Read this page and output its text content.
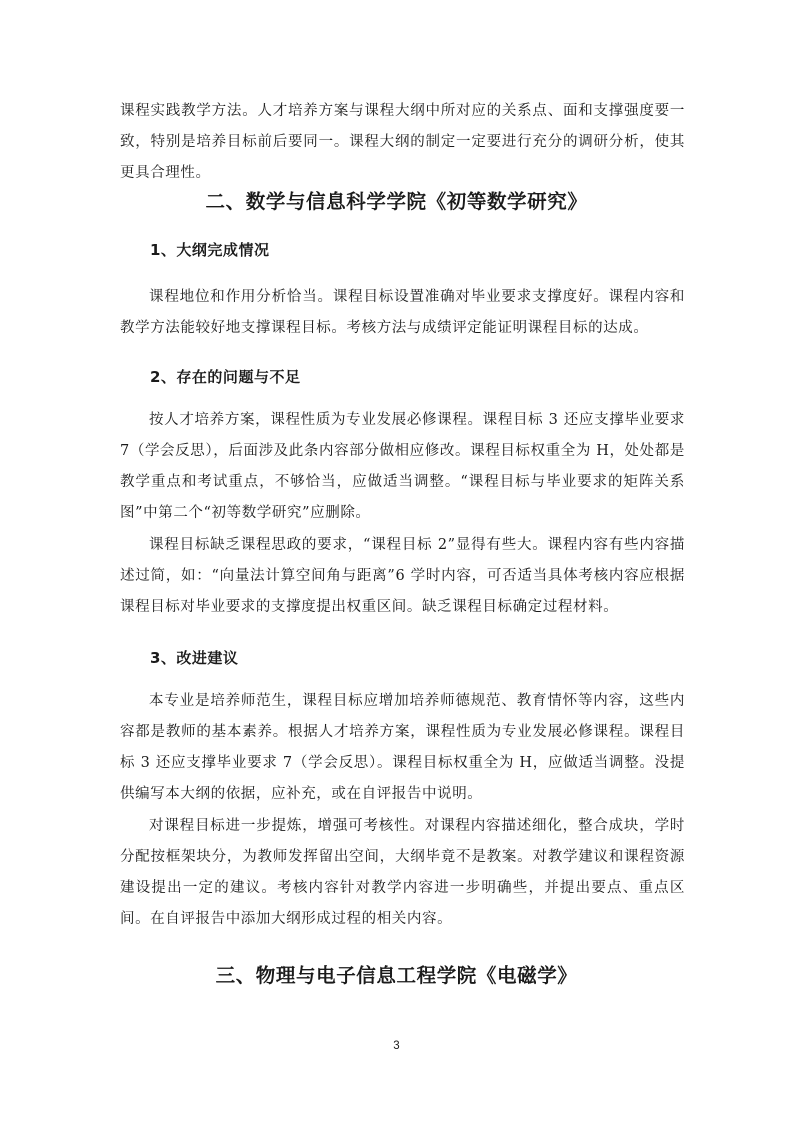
课程实践教学方法。人才培养方案与课程大纲中所对应的关系点、面和支撑强度要一致，特别是培养目标前后要同一。课程大纲的制定一定要进行充分的调研分析，使其更具合理性。

二、数学与信息科学学院《初等数学研究》
1、大纲完成情况

课程地位和作用分析恰当。课程目标设置准确对毕业要求支撑度好。课程内容和教学方法能较好地支撑课程目标。考核方法与成绩评定能证明课程目标的达成。

2、存在的问题与不足

按人才培养方案，课程性质为专业发展必修课程。课程目标 3 还应支撑毕业要求 7（学会反思），后面涉及此条内容部分做相应修改。课程目标权重全为 H，处处都是教学重点和考试重点，不够恰当，应做适当调整。“课程目标与毕业要求的矩阵关系图”中第二个“初等数学研究”应删除。

课程目标缺乏课程思政的要求，“课程目标 2”显得有些大。课程内容有些内容描述过简，如：“向量法计算空间角与距离”6 学时内容，可否适当具体考核内容应根据课程目标对毕业要求的支撑度提出权重区间。缺乏课程目标确定过程材料。

3、改进建议

本专业是培养师范生，课程目标应增加培养师德规范、教育情怀等内容，这些内容都是教师的基本素养。根据人才培养方案，课程性质为专业发展必修课程。课程目标 3 还应支撑毕业要求 7（学会反思）。课程目标权重全为 H，应做适当调整。没提供编写本大纲的依据，应补充，或在自评报告中说明。

对课程目标进一步提炼，增强可考核性。对课程内容描述细化，整合成块，学时分配按框架块分，为教师发挥留出空间，大纲毕竟不是教案。对教学建议和课程资源建设提出一定的建议。考核内容针对教学内容进一步明确些，并提出要点、重点区间。在自评报告中添加大纲形成过程的相关内容。

三、物理与电子信息工程学院《电磁学》
3
